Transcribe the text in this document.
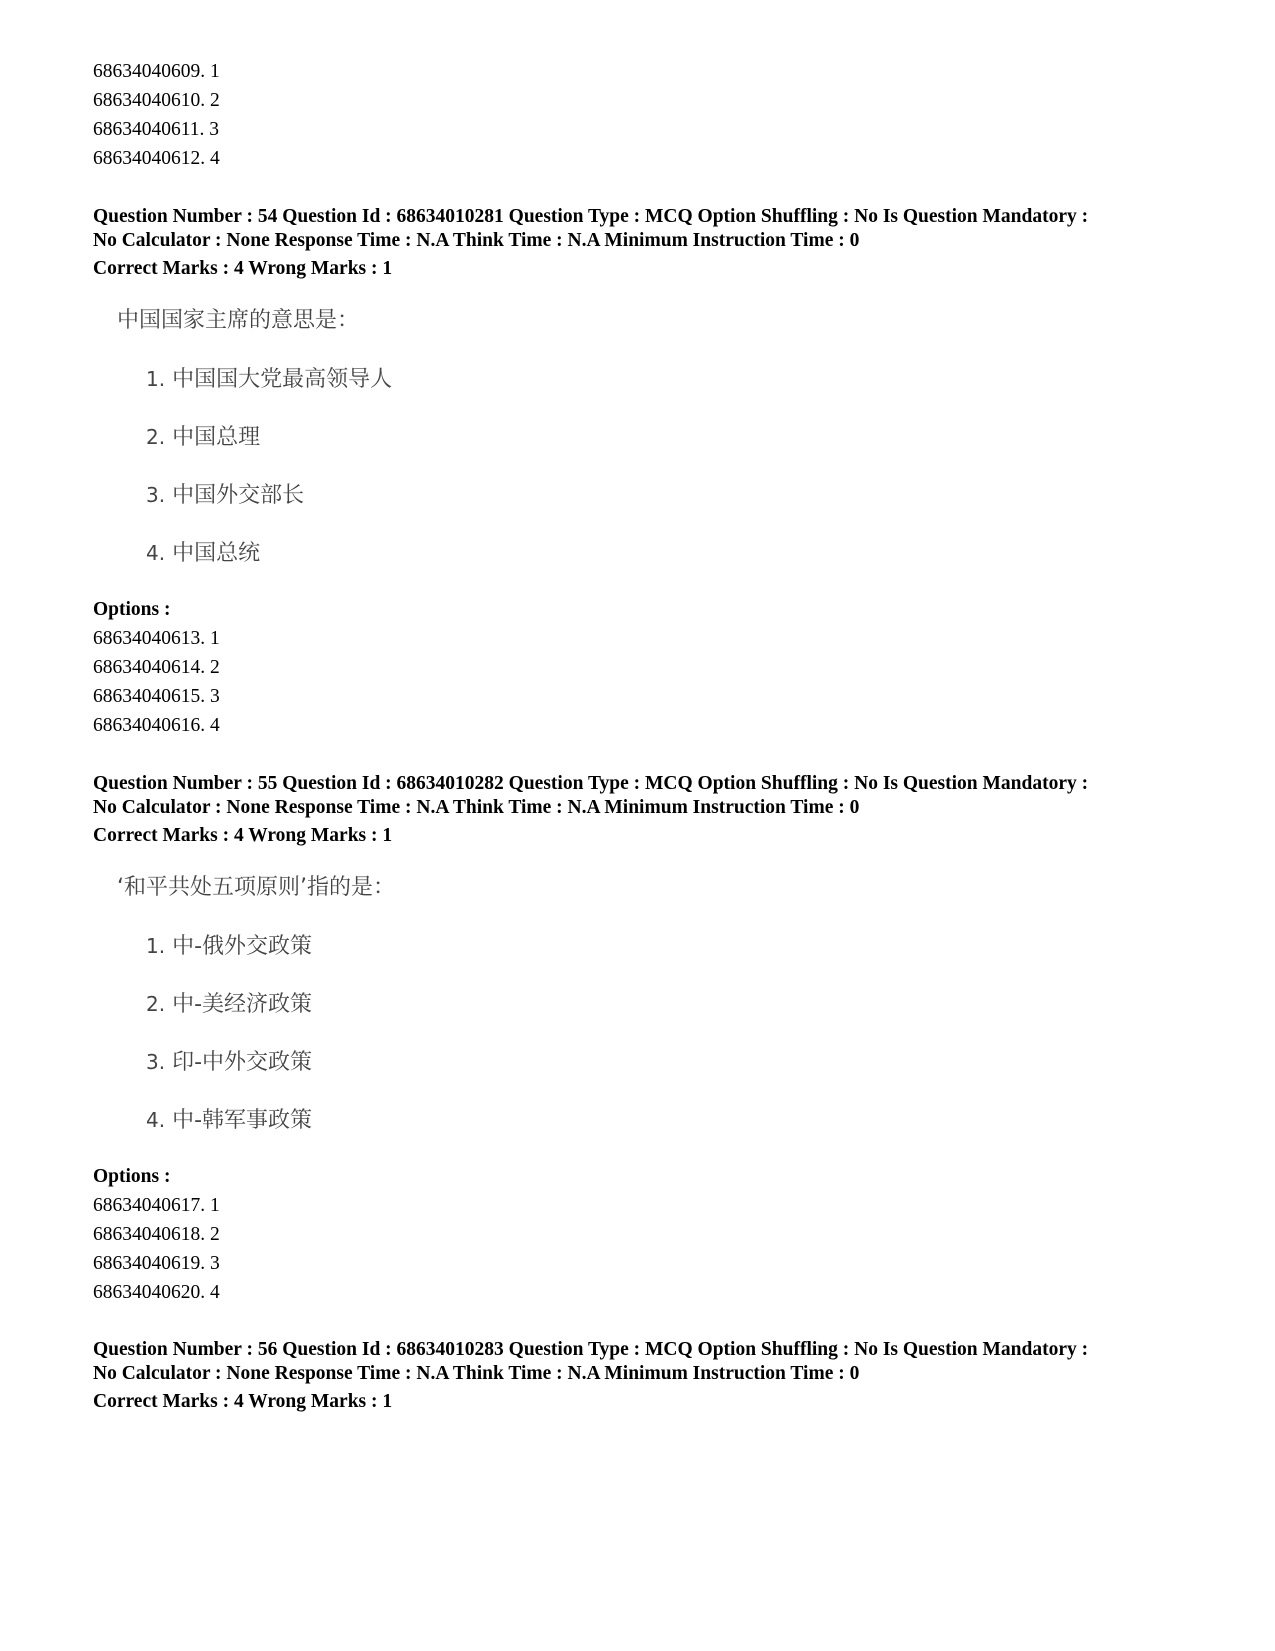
68634040609. 1
68634040610. 2
68634040611. 3
68634040612. 4
Question Number : 54 Question Id : 68634010281 Question Type : MCQ Option Shuffling : No Is Question Mandatory :
No Calculator : None Response Time : N.A Think Time : N.A Minimum Instruction Time : 0
Correct Marks : 4 Wrong Marks : 1
中国国家主席的意思是：
1. 中国国大党最高领导人
2. 中国总理
3. 中国外交部长
4. 中国总统
Options :
68634040613. 1
68634040614. 2
68634040615. 3
68634040616. 4
Question Number : 55 Question Id : 68634010282 Question Type : MCQ Option Shuffling : No Is Question Mandatory :
No Calculator : None Response Time : N.A Think Time : N.A Minimum Instruction Time : 0
Correct Marks : 4 Wrong Marks : 1
‘和平共处五项原则’指的是：
1. 中-俄外交政策
2. 中-美经济政策
3. 印-中外交政策
4. 中-韩军事政策
Options :
68634040617. 1
68634040618. 2
68634040619. 3
68634040620. 4
Question Number : 56 Question Id : 68634010283 Question Type : MCQ Option Shuffling : No Is Question Mandatory :
No Calculator : None Response Time : N.A Think Time : N.A Minimum Instruction Time : 0
Correct Marks : 4 Wrong Marks : 1
